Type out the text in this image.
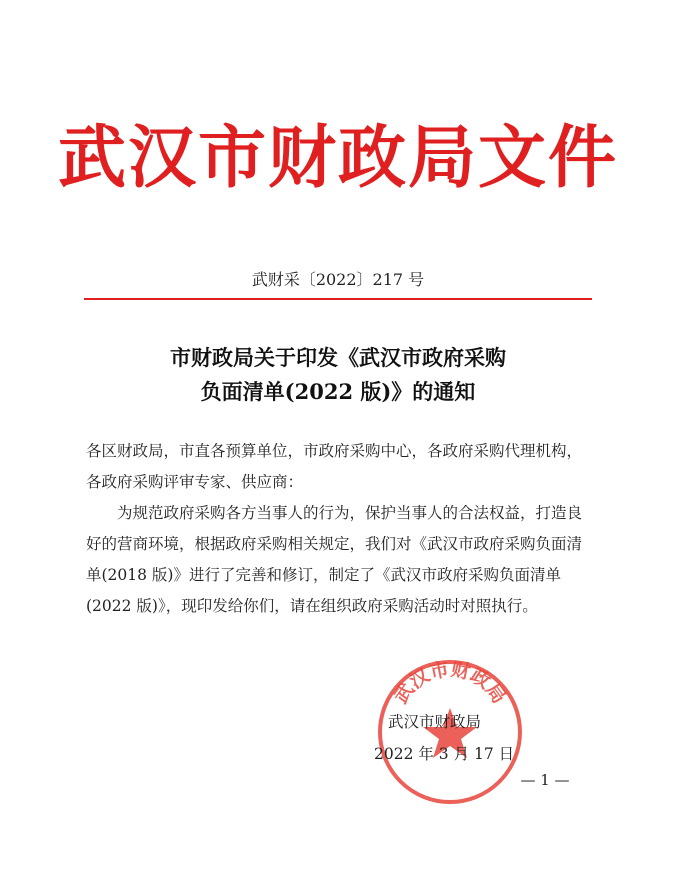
武汉市财政局文件
武财采〔2022〕217 号
市财政局关于印发《武汉市政府采购
负面清单(2022 版)》的通知

各区财政局，市直各预算单位，市政府采购中心，各政府采购代理机构，各政府采购评审专家、供应商：

为规范政府采购各方当事人的行为，保护当事人的合法权益，打造良好的营商环境，根据政府采购相关规定，我们对《武汉市政府采购负面清单(2018 版)》进行了完善和修订，制定了《武汉市政府采购负面清单(2022 版)》，现印发给你们，请在组织政府采购活动时对照执行。

武汉市财政局
武汉市财政局
2022 年 3 月 17 日
— 1 —
